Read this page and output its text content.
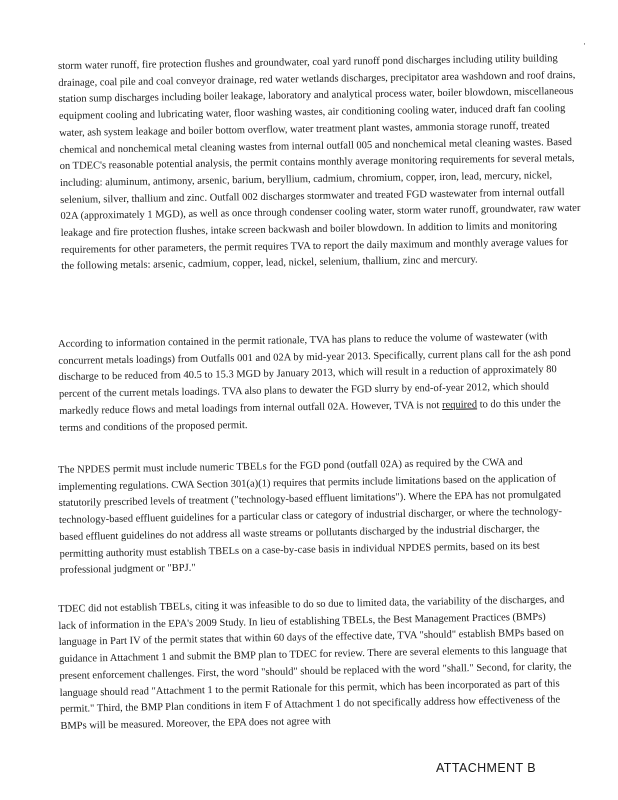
·

storm water runoff, fire protection flushes and groundwater, coal yard runoff pond discharges including utility building drainage, coal pile and coal conveyor drainage, red water wetlands discharges, precipitator area washdown and roof drains, station sump discharges including boiler leakage, laboratory and analytical process water, boiler blowdown, miscellaneous equipment cooling and lubricating water, floor washing wastes, air conditioning cooling water, induced draft fan cooling water, ash system leakage and boiler bottom overflow, water treatment plant wastes, ammonia storage runoff, treated chemical and nonchemical metal cleaning wastes from internal outfall 005 and nonchemical metal cleaning wastes. Based on TDEC's reasonable potential analysis, the permit contains monthly average monitoring requirements for several metals, including: aluminum, antimony, arsenic, barium, beryllium, cadmium, chromium, copper, iron, lead, mercury, nickel, selenium, silver, thallium and zinc. Outfall 002 discharges stormwater and treated FGD wastewater from internal outfall 02A (approximately 1 MGD), as well as once through condenser cooling water, storm water runoff, groundwater, raw water leakage and fire protection flushes, intake screen backwash and boiler blowdown. In addition to limits and monitoring requirements for other parameters, the permit requires TVA to report the daily maximum and monthly average values for the following metals: arsenic, cadmium, copper, lead, nickel, selenium, thallium, zinc and mercury.

According to information contained in the permit rationale, TVA has plans to reduce the volume of wastewater (with concurrent metals loadings) from Outfalls 001 and 02A by mid-year 2013. Specifically, current plans call for the ash pond discharge to be reduced from 40.5 to 15.3 MGD by January 2013, which will result in a reduction of approximately 80 percent of the current metals loadings. TVA also plans to dewater the FGD slurry by end-of-year 2012, which should markedly reduce flows and metal loadings from internal outfall 02A. However, TVA is not required to do this under the terms and conditions of the proposed permit.

The NPDES permit must include numeric TBELs for the FGD pond (outfall 02A) as required by the CWA and implementing regulations. CWA Section 301(a)(1) requires that permits include limitations based on the application of statutorily prescribed levels of treatment ("technology-based effluent limitations"). Where the EPA has not promulgated technology-based effluent guidelines for a particular class or category of industrial discharger, or where the technology-based effluent guidelines do not address all waste streams or pollutants discharged by the industrial discharger, the permitting authority must establish TBELs on a case-by-case basis in individual NPDES permits, based on its best professional judgment or "BPJ."

TDEC did not establish TBELs, citing it was infeasible to do so due to limited data, the variability of the discharges, and lack of information in the EPA's 2009 Study. In lieu of establishing TBELs, the Best Management Practices (BMPs) language in Part IV of the permit states that within 60 days of the effective date, TVA "should" establish BMPs based on guidance in Attachment 1 and submit the BMP plan to TDEC for review. There are several elements to this language that present enforcement challenges. First, the word "should" should be replaced with the word "shall." Second, for clarity, the language should read "Attachment 1 to the permit Rationale for this permit, which has been incorporated as part of this permit." Third, the BMP Plan conditions in item F of Attachment 1 do not specifically address how effectiveness of the BMPs will be measured. Moreover, the EPA does not agree with

ATTACHMENT B
